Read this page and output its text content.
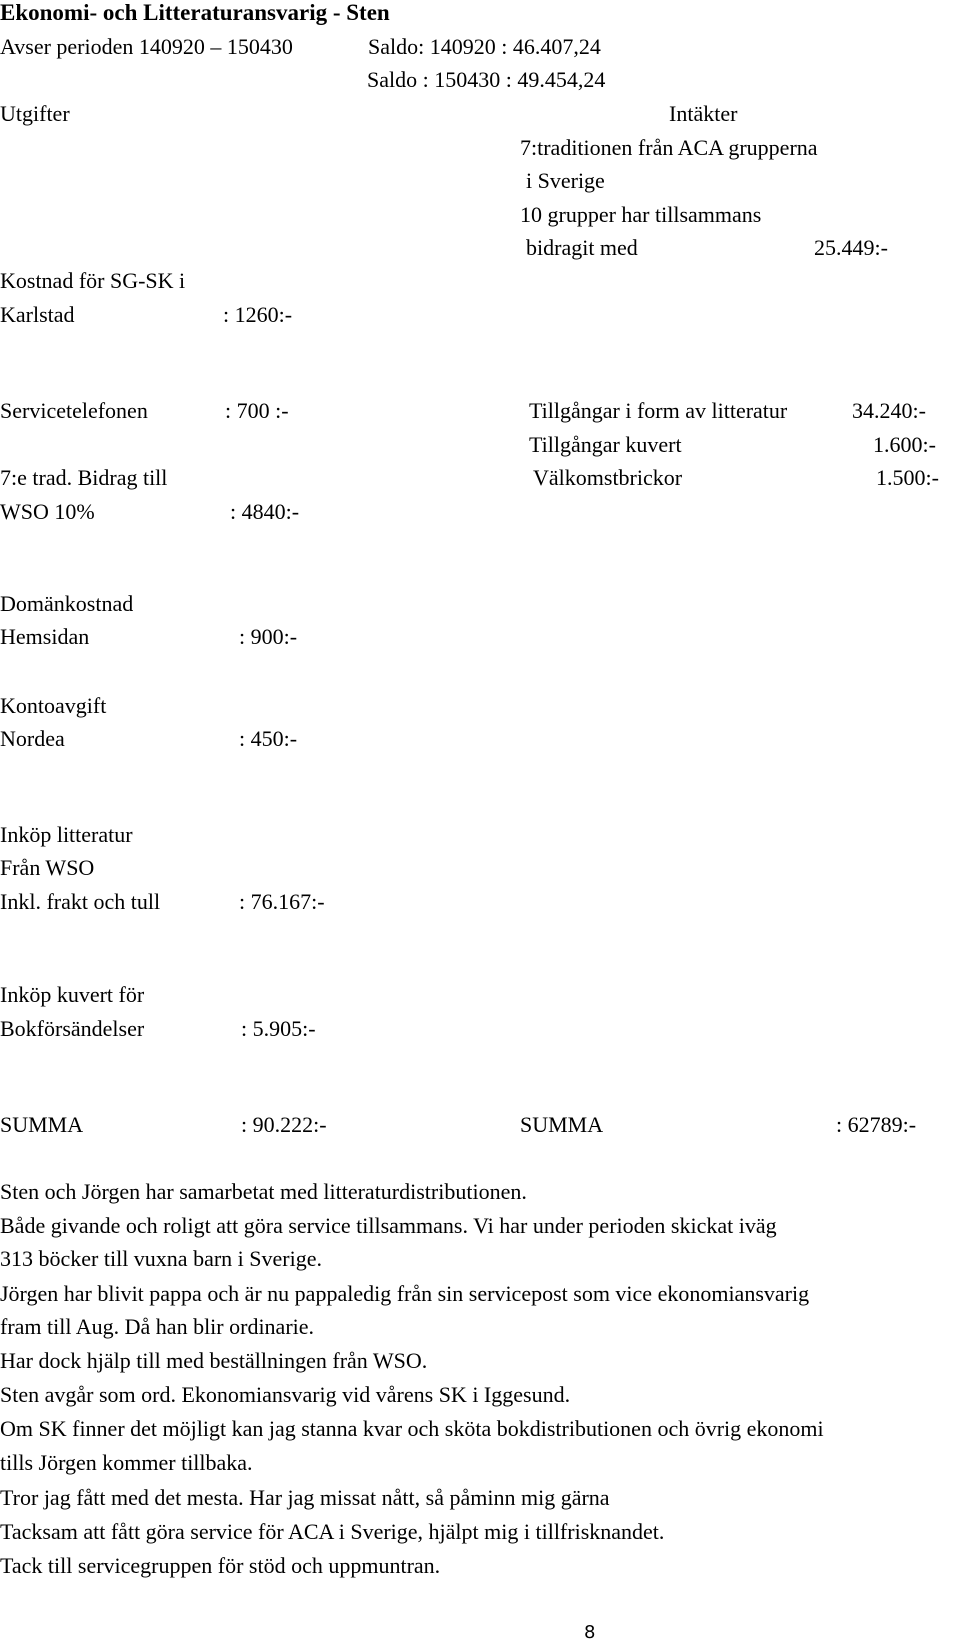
Ekonomi- och Litteraturansvarig - Sten
Avser perioden 140920 – 150430	Saldo: 140920 : 46.407,24
Saldo : 150430 : 49.454,24
Utgifter	Intäkter
7:traditionen från ACA grupperna
i Sverige
10 grupper har tillsammans
bidragit med	25.449:-
Kostnad för SG-SK i
Karlstad	: 1260:-
Servicetelefonen	: 700 :-	Tillgångar i form av litteratur	34.240:-
Tillgångar kuvert	1.600:-
7:e trad. Bidrag till	Välkomstbrickor	1.500:-
WSO 10%	: 4840:-
Domänkostnad
Hemsidan	: 900:-
Kontoavgift
Nordea	: 450:-
Inköp litteratur
Från WSO
Inkl. frakt och tull	: 76.167:-
Inköp kuvert för
Bokförsändelser	: 5.905:-
SUMMA	: 90.222:-	SUMMA	: 62789:-
Sten och Jörgen har samarbetat med litteraturdistributionen.
Både givande och roligt att göra service tillsammans. Vi har under perioden skickat iväg
313 böcker till vuxna barn i Sverige.
Jörgen har blivit pappa och är nu pappaledig från sin servicepost som vice ekonomiansvarig
fram till Aug. Då han blir ordinarie.
Har dock hjälp till med beställningen från WSO.
Sten avgår som ord. Ekonomiansvarig vid vårens SK i Iggesund.
Om SK finner det möjligt kan jag stanna kvar och sköta bokdistributionen och övrig ekonomi
tills Jörgen kommer tillbaka.
Tror jag fått med det mesta. Har jag missat nått, så påminn mig gärna
Tacksam att fått göra service för ACA i Sverige, hjälpt mig i tillfrisknandet.
Tack till servicegruppen för stöd och uppmuntran.
8
